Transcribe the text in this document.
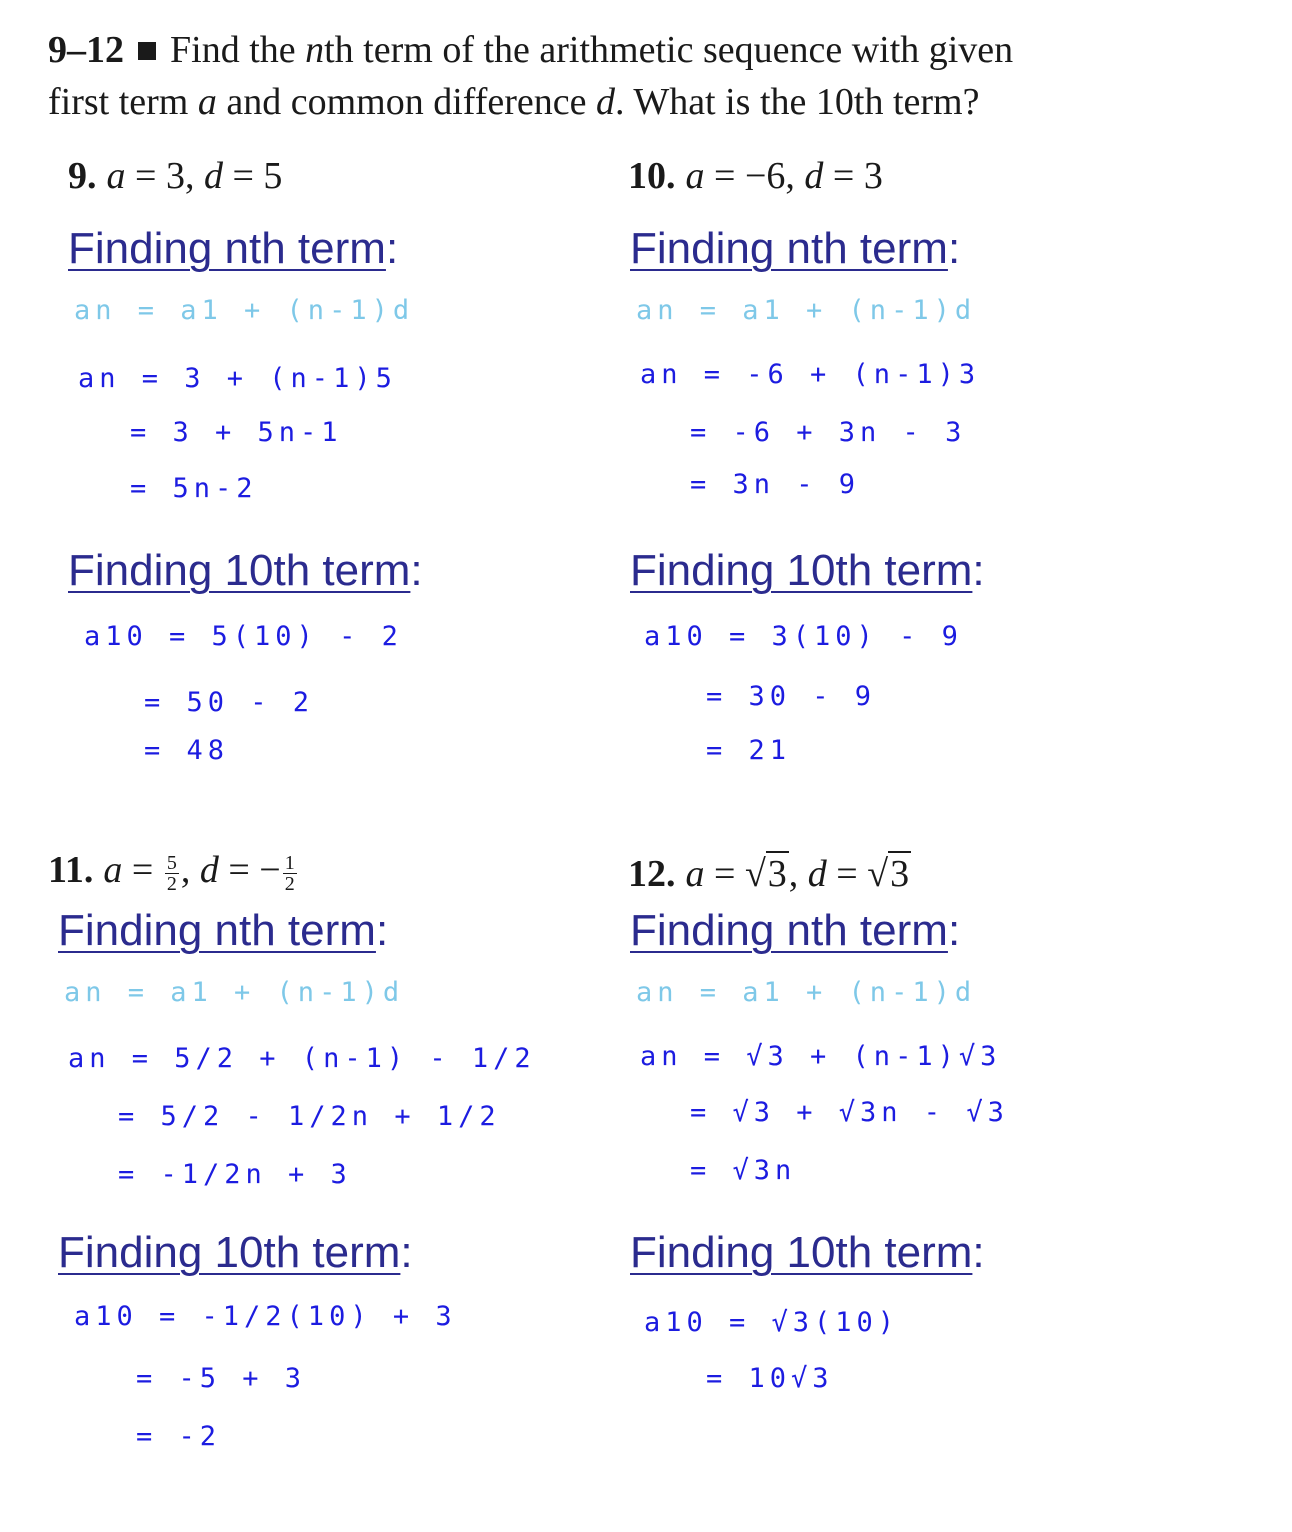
9–12 Find the nth term of the arithmetic sequence with given
first term a and common difference d. What is the 10th term?
9. a = 3, d = 5
Finding nth term:
an = a1 + (n-1)d
an = 3 + (n-1)5
= 3 + 5n-1
= 5n-2
Finding 10th term:
a10 = 5(10) - 2
= 50 - 2
= 48
10. a = −6, d = 3
Finding nth term:
an = a1 + (n-1)d
an = -6 + (n-1)3
= -6 + 3n - 3
= 3n - 9
Finding 10th term:
a10 = 3(10) - 9
= 30 - 9
= 21
11. $a = \frac{5}{2}$ , d = − $\frac{1}{2}$
Finding nth term:
an = a1 + (n-1)d
an = 5/2 + (n-1) - 1/2
= 5/2 - 1/2n + 1/2
= -1/2n + 3
Finding 10th term:
a10 = -1/2(10) + 3
= -5 + 3
= -2
12. a = √3, d = √3
Finding nth term:
an = a1 + (n-1)d
an = √3 + (n-1)√3
= √3 + √3n - √3
= √3n
Finding 10th term:
a10 = √3(10)
= 10√3
